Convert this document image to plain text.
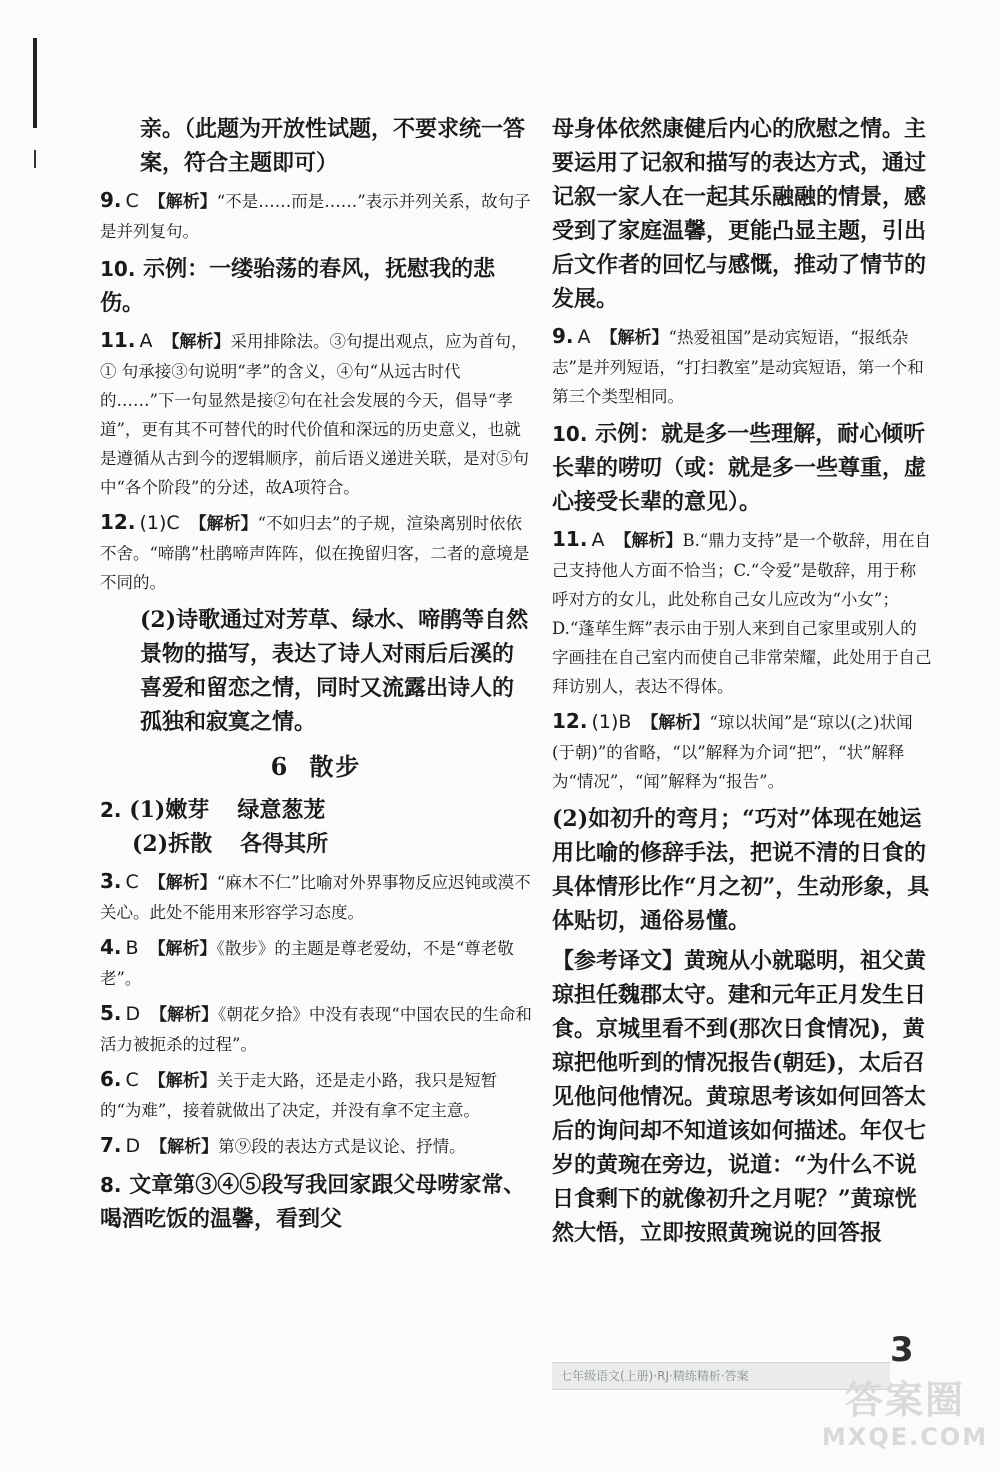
亲。（此题为开放性试题，不要求统一答案，符合主题即可）
9. C 【解析】“不是……而是……”表示并列关系，故句子是并列复句。
10. 示例：一缕骀荡的春风，抚慰我的悲伤。
11. A 【解析】采用排除法。③句提出观点，应为首句，① 句承接③句说明“孝”的含义，④句“从远古时代的……”下一句显然是接②句在社会发展的今天，倡导“孝道”，更有其不可替代的时代价值和深远的历史意义，也就是遵循从古到今的逻辑顺序，前后语义递进关联，是对⑤句中“各个阶段”的分述，故A项符合。
12. (1)C 【解析】“不如归去”的子规，渲染离别时依依不舍。“啼鹃”杜鹃啼声阵阵，似在挽留归客，二者的意境是不同的。
(2)诗歌通过对芳草、绿水、啼鹃等自然景物的描写，表达了诗人对雨后后溪的喜爱和留恋之情，同时又流露出诗人的孤独和寂寞之情。
6 散步
2. (1)嫩芽 绿意葱茏
(2)拆散 各得其所
3. C 【解析】“麻木不仁”比喻对外界事物反应迟钝或漠不关心。此处不能用来形容学习态度。
4. B 【解析】《散步》的主题是尊老爱幼，不是“尊老敬老”。
5. D 【解析】《朝花夕拾》中没有表现“中国农民的生命和活力被扼杀的过程”。
6. C 【解析】关于走大路，还是走小路，我只是短暂的“为难”，接着就做出了决定，并没有拿不定主意。
7. D 【解析】第⑨段的表达方式是议论、抒情。
8. 文章第③④⑤段写我回家跟父母唠家常、喝酒吃饭的温馨，看到父
母身体依然康健后内心的欣慰之情。主要运用了记叙和描写的表达方式，通过记叙一家人在一起其乐融融的情景，感受到了家庭温馨，更能凸显主题，引出后文作者的回忆与感慨，推动了情节的发展。
9. A 【解析】“热爱祖国”是动宾短语，“报纸杂志”是并列短语，“打扫教室”是动宾短语，第一个和第三个类型相同。
10. 示例：就是多一些理解，耐心倾听长辈的唠叨（或：就是多一些尊重，虚心接受长辈的意见）。
11. A 【解析】B.“鼎力支持”是一个敬辞，用在自己支持他人方面不恰当；C.“令爱”是敬辞，用于称呼对方的女儿，此处称自己女儿应改为“小女”；D.“蓬荜生辉”表示由于别人来到自己家里或别人的字画挂在自己室内而使自己非常荣耀，此处用于自己拜访别人，表达不得体。
12. (1)B 【解析】“琼以状闻”是“琼以(之)状闻(于朝)”的省略，“以”解释为介词“把”，“状”解释为“情况”，“闻”解释为“报告”。
(2)如初升的弯月；“巧对”体现在她运用比喻的修辞手法，把说不清的日食的具体情形比作“月之初”，生动形象，具体贴切，通俗易懂。
【参考译文】黄琬从小就聪明，祖父黄琼担任魏郡太守。建和元年正月发生日食。京城里看不到(那次日食情况)，黄琼把他听到的情况报告(朝廷)，太后召见他问他情况。黄琼思考该如何回答太后的询问却不知道该如何描述。年仅七岁的黄琬在旁边，说道：“为什么不说日食剩下的就像初升之月呢？”黄琼恍然大悟，立即按照黄琬说的回答报
七年级语文(上册)·RJ·精练精析·答案
3
答案圈
MXQE.COM
